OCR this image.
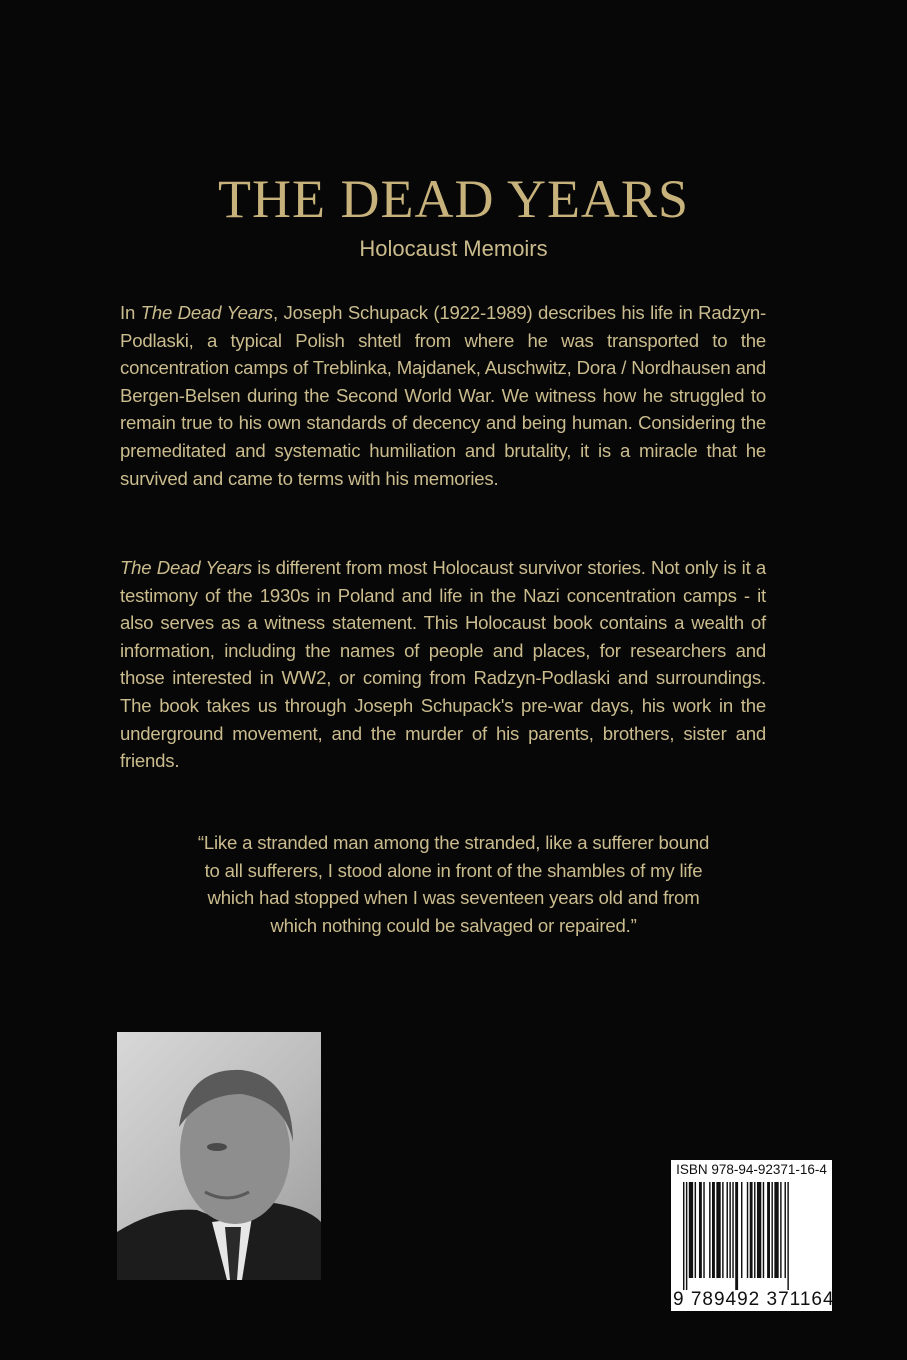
THE DEAD YEARS
Holocaust Memoirs
In The Dead Years, Joseph Schupack (1922-1989) describes his life in Radzyn-Podlaski, a typical Polish shtetl from where he was transported to the concentration camps of Treblinka, Majdanek, Auschwitz, Dora / Nordhausen and Bergen-Belsen during the Second World War. We witness how he struggled to remain true to his own standards of decency and being human. Considering the premeditated and systematic humiliation and brutality, it is a miracle that he survived and came to terms with his memories.
The Dead Years is different from most Holocaust survivor stories. Not only is it a testimony of the 1930s in Poland and life in the Nazi concentration camps - it also serves as a witness statement. This Holocaust book contains a wealth of information, including the names of people and places, for researchers and those interested in WW2, or coming from Radzyn-Podlaski and surroundings. The book takes us through Joseph Schupack's pre-war days, his work in the underground movement, and the murder of his parents, brothers, sister and friends.
“Like a stranded man among the stranded, like a sufferer bound
to all sufferers, I stood alone in front of the shambles of my life
which had stopped when I was seventeen years old and from
which nothing could be salvaged or repaired.”
ISBN 978-94-92371-16-4
9 789492 371164
